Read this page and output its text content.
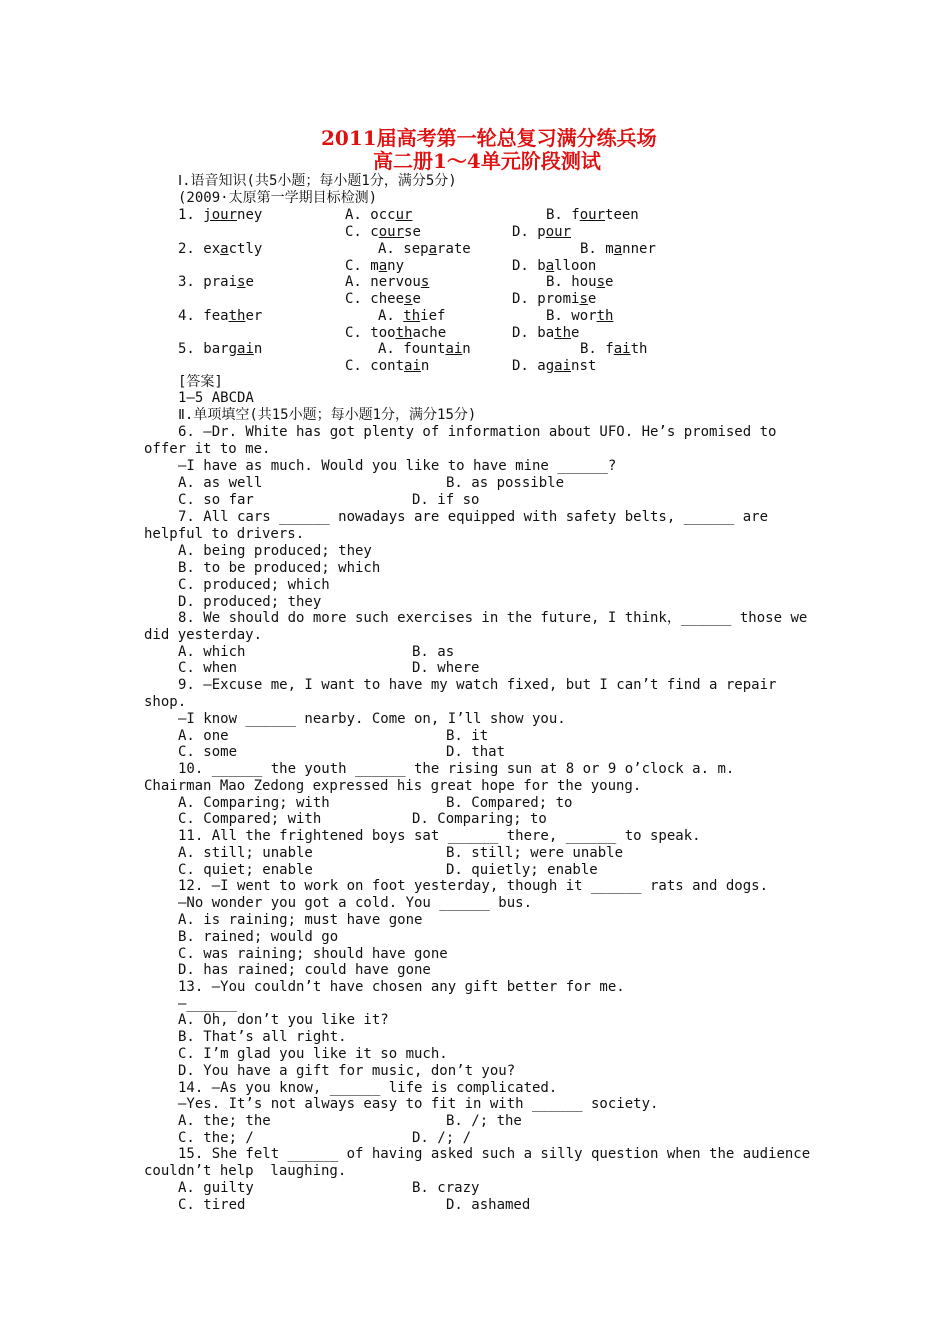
2011届高考第一轮总复习满分练兵场
高二册1～4单元阶段测试
Ⅰ.语音知识(共5小题；每小题1分，满分5分)
(2009·太原第一学期目标检测)
1. journey	A. occur	B. fourteen
C. course	D. pour
2. exactly	A. separate	B. manner
C. many	D. balloon
3. praise	A. nervous	B. house
C. cheese	D. promise
4. feather	A. thief	B. worth
C. toothache	D. bathe
5. bargain	A. fountain	B. faith
C. contain	D. against
[答案]
1—5 ABCDA
Ⅱ.单项填空(共15小题；每小题1分，满分15分)
6. —Dr. White has got plenty of information about UFO. He’s promised to
offer it to me.
—I have as much. Would you like to have mine ______?
A. as well	B. as possible
C. so far	D. if so
7. All cars ______ nowadays are equipped with safety belts, ______ are
helpful to drivers.
A. being produced; they
B. to be produced; which
C. produced; which
D. produced; they
8. We should do more such exercises in the future, I think，______ those we
did yesterday.
A. which	B. as
C. when	D. where
9. —Excuse me, I want to have my watch fixed, but I can’t find a repair
shop.
—I know ______ nearby. Come on, I’ll show you.
A. one	B. it
C. some	D. that
10. ______ the youth ______ the rising sun at 8 or 9 o’clock a. m.
Chairman Mao Zedong expressed his great hope for the young.
A. Comparing; with	B. Compared; to
C. Compared; with	D. Comparing; to
11. All the frightened boys sat ______ there, ______ to speak.
A. still; unable	B. still; were unable
C. quiet; enable	D. quietly; enable
12. —I went to work on foot yesterday, though it ______ rats and dogs.
—No wonder you got a cold. You ______ bus.
A. is raining; must have gone
B. rained; would go
C. was raining; should have gone
D. has rained; could have gone
13. —You couldn’t have chosen any gift better for me.
—______
A. Oh, don’t you like it?
B. That’s all right.
C. I’m glad you like it so much.
D. You have a gift for music, don’t you?
14. —As you know, ______ life is complicated.
—Yes. It’s not always easy to fit in with ______ society.
A. the; the	B. /; the
C. the; /	D. /; /
15. She felt ______ of having asked such a silly question when the audience
couldn’t help  laughing.
A. guilty	B. crazy
C. tired	D. ashamed
